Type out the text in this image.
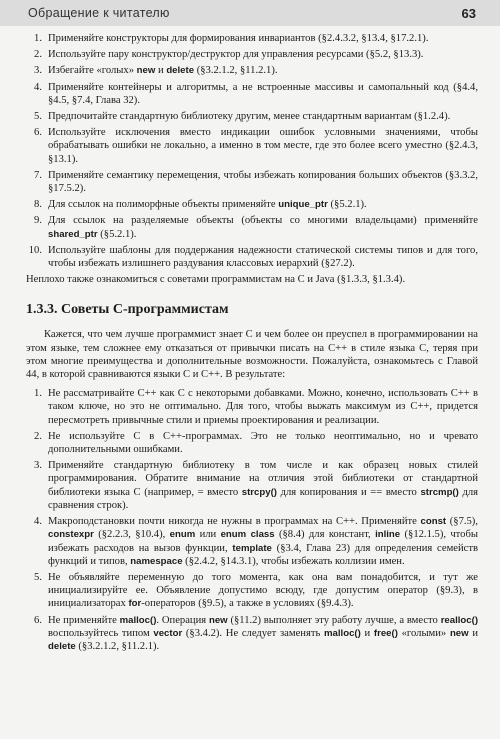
Обращение к читателю	63
1. Применяйте конструкторы для формирования инвариантов (§2.4.3.2, §13.4, §17.2.1).
2. Используйте пару конструктор/деструктор для управления ресурсами (§5.2, §13.3).
3. Избегайте «голых» new и delete (§3.2.1.2, §11.2.1).
4. Применяйте контейнеры и алгоритмы, а не встроенные массивы и самопальный код (§4.4, §4.5, §7.4, Глава 32).
5. Предпочитайте стандартную библиотеку другим, менее стандартным вариантам (§1.2.4).
6. Используйте исключения вместо индикации ошибок условными значениями, чтобы обрабатывать ошибки не локально, а именно в том месте, где это более всего уместно (§2.4.3, §13.1).
7. Применяйте семантику перемещения, чтобы избежать копирования больших объектов (§3.3.2, §17.5.2).
8. Для ссылок на полиморфные объекты применяйте unique_ptr (§5.2.1).
9. Для ссылок на разделяемые объекты (объекты со многими владельцами) применяйте shared_ptr (§5.2.1).
10. Используйте шаблоны для поддержания надежности статической системы типов и для того, чтобы избежать излишнего раздувания классовых иерархий (§27.2).

Неплохо также ознакомиться с советами программистам на C и Java (§1.3.3, §1.3.4).

1.3.3. Советы C-программистам

Кажется, что чем лучше программист знает C и чем более он преуспел в программировании на этом языке, тем сложнее ему отказаться от привычки писать на C++ в стиле языка C, теряя при этом многие преимущества и дополнительные возможности. Пожалуйста, ознакомьтесь с Главой 44, в которой сравниваются языки C и C++. В результате:

1. Не рассматривайте C++ как C с некоторыми добавками. Можно, конечно, использовать C++ в таком ключе, но это не оптимально. Для того, чтобы выжать максимум из C++, придется пересмотреть привычные стили и приемы проектирования и реализации.
2. Не используйте C в C++-программах. Это не только неоптимально, но и чревато дополнительными ошибками.
3. Применяйте стандартную библиотеку в том числе и как образец новых стилей программирования. Обратите внимание на отличия этой библиотеки от стандартной библиотеки языка C (например, = вместо strcpy() для копирования и == вместо strcmp() для сравнения строк).
4. Макроподстановки почти никогда не нужны в программах на C++. Применяйте const (§7.5), constexpr (§2.2.3, §10.4), enum или enum class (§8.4) для констант, inline (§12.1.5), чтобы избежать расходов на вызов функции, template (§3.4, Глава 23) для определения семейств функций и типов, namespace (§2.4.2, §14.3.1), чтобы избежать коллизии имен.
5. Не объявляйте переменную до того момента, как она вам понадобится, и тут же инициализируйте ее. Объявление допустимо всюду, где допустим оператор (§9.3), в инициализаторах for-операторов (§9.5), а также в условиях (§9.4.3).
6. Не применяйте malloc(). Операция new (§11.2) выполняет эту работу лучше, а вместо realloc() воспользуйтесь типом vector (§3.4.2). Не следует заменять malloc() и free() «голыми» new и delete (§3.2.1.2, §11.2.1).
